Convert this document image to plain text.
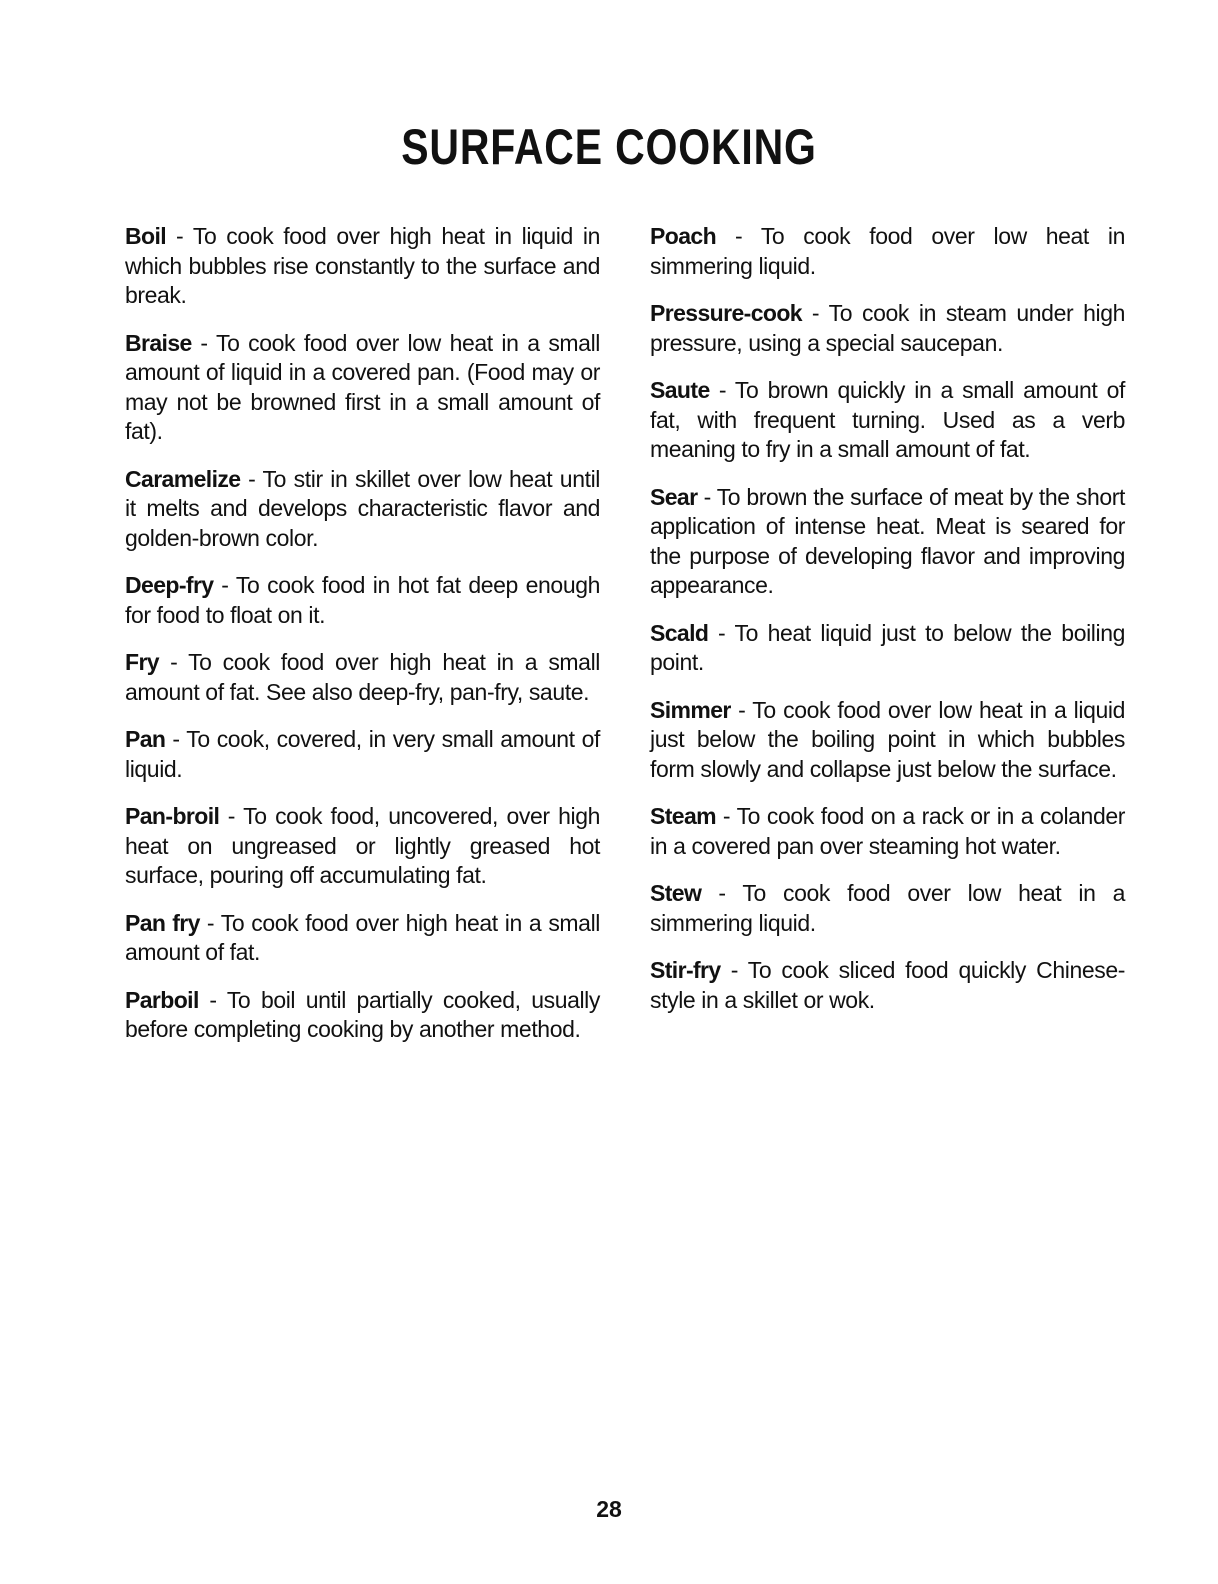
SURFACE COOKING

Boil - To cook food over high heat in liquid in which bubbles rise constantly to the surface and break.

Braise - To cook food over low heat in a small amount of liquid in a covered pan. (Food may or may not be browned first in a small amount of fat).

Caramelize - To stir in skillet over low heat until it melts and develops characteristic flavor and golden-brown color.

Deep-fry - To cook food in hot fat deep enough for food to float on it.

Fry - To cook food over high heat in a small amount of fat. See also deep-fry, pan-fry, saute.

Pan - To cook, covered, in very small amount of liquid.

Pan-broil - To cook food, uncovered, over high heat on ungreased or lightly greased hot surface, pouring off accumulating fat.

Pan fry - To cook food over high heat in a small amount of fat.

Parboil - To boil until partially cooked, usually before completing cooking by another method.

Poach - To cook food over low heat in simmering liquid.

Pressure-cook - To cook in steam under high pressure, using a special saucepan.

Saute - To brown quickly in a small amount of fat, with frequent turning. Used as a verb meaning to fry in a small amount of fat.

Sear - To brown the surface of meat by the short application of intense heat. Meat is seared for the purpose of developing flavor and improving appearance.

Scald - To heat liquid just to below the boiling point.

Simmer - To cook food over low heat in a liquid just below the boiling point in which bubbles form slowly and collapse just below the surface.

Steam - To cook food on a rack or in a colander in a covered pan over steaming hot water.

Stew - To cook food over low heat in a simmering liquid.

Stir-fry - To cook sliced food quickly Chinese-style in a skillet or wok.

28
